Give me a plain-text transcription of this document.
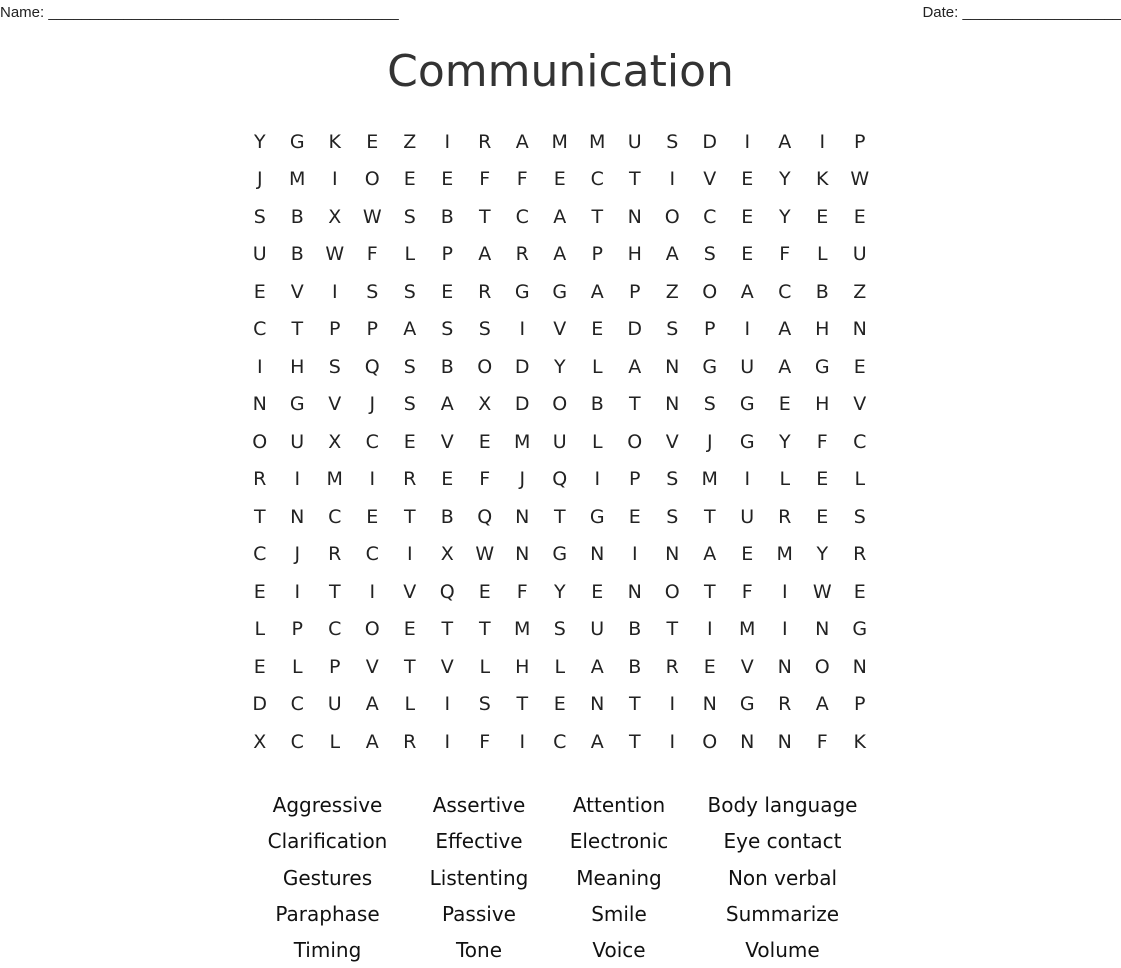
Name: __________________________________________	Date: ___________________
Communication
Y	G	K	E	Z	I	R	A	M	M	U	S	D	I	A	I	P
J	M	I	O	E	E	F	F	E	C	T	I	V	E	Y	K	W
S	B	X	W	S	B	T	C	A	T	N	O	C	E	Y	E	E
U	B	W	F	L	P	A	R	A	P	H	A	S	E	F	L	U
E	V	I	S	S	E	R	G	G	A	P	Z	O	A	C	B	Z
C	T	P	P	A	S	S	I	V	E	D	S	P	I	A	H	N
I	H	S	Q	S	B	O	D	Y	L	A	N	G	U	A	G	E
N	G	V	J	S	A	X	D	O	B	T	N	S	G	E	H	V
O	U	X	C	E	V	E	M	U	L	O	V	J	G	Y	F	C
R	I	M	I	R	E	F	J	Q	I	P	S	M	I	L	E	L
T	N	C	E	T	B	Q	N	T	G	E	S	T	U	R	E	S
C	J	R	C	I	X	W	N	G	N	I	N	A	E	M	Y	R
E	I	T	I	V	Q	E	F	Y	E	N	O	T	F	I	W	E
L	P	C	O	E	T	T	M	S	U	B	T	I	M	I	N	G
E	L	P	V	T	V	L	H	L	A	B	R	E	V	N	O	N
D	C	U	A	L	I	S	T	E	N	T	I	N	G	R	A	P
X	C	L	A	R	I	F	I	C	A	T	I	O	N	N	F	K
Aggressive	Assertive	Attention	Body language
Clarification	Effective	Electronic	Eye contact
Gestures	Listenting	Meaning	Non verbal
Paraphase	Passive	Smile	Summarize
Timing	Tone	Voice	Volume
